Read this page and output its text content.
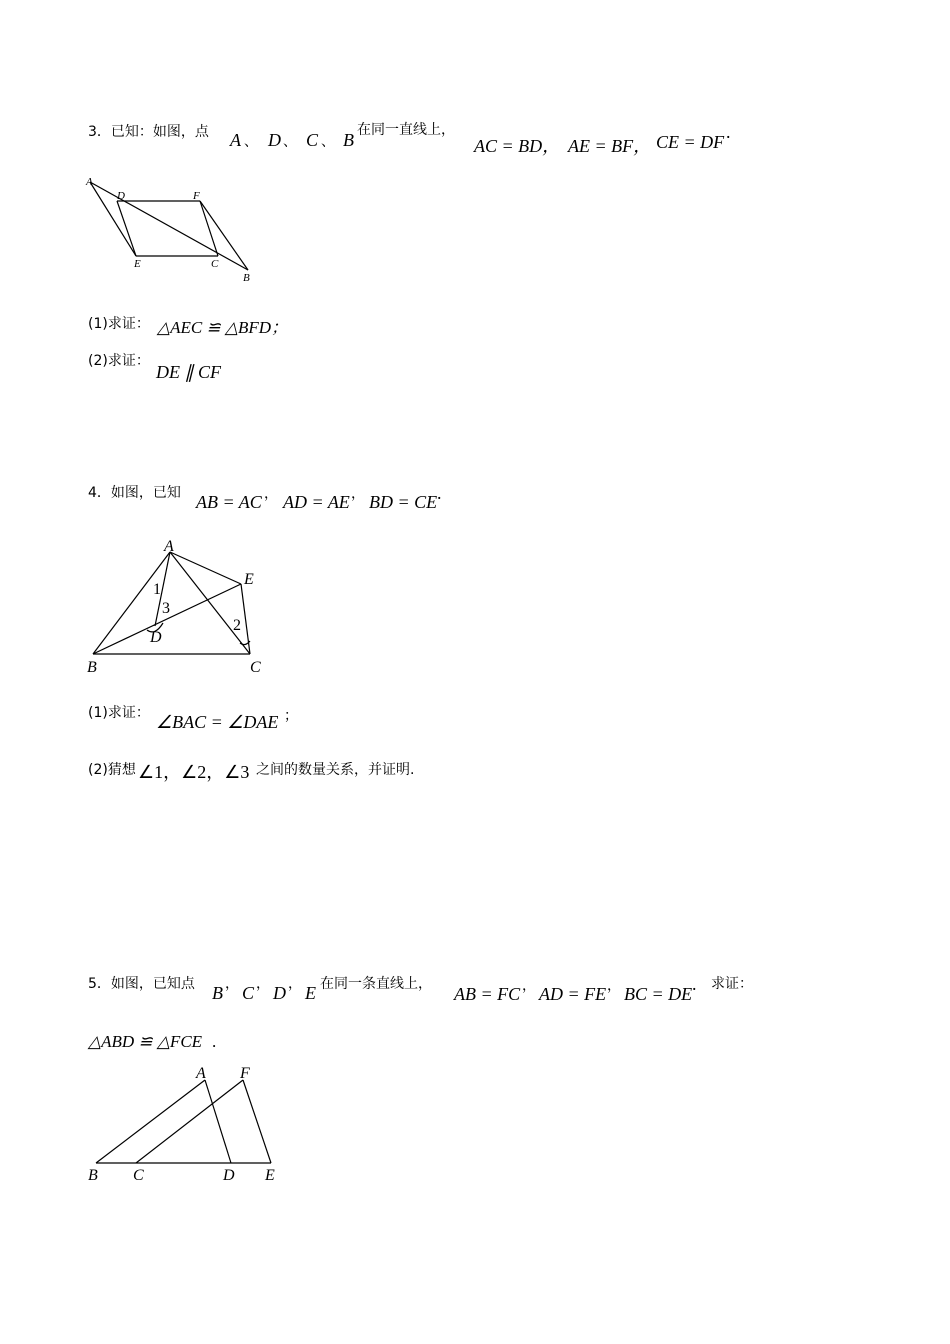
3．已知：如图，点 A 、 D 、 C 、 B 在同一直线上，
AC = BD， AE = BF， CE = DF .
A
D	F
E	C
B
(1)求证： △AEC ≌ △BFD；
(2)求证：
DE ∥ CF
4．如图，已知 AB = AC ， AD = AE ， BD = CE .
A
E
1
3
D
2
B	C
(1)求证： ∠BAC = ∠DAE ；
(2)猜想 ∠1，∠2，∠3 之间的数量关系，并证明.
5．如图，已知点 B ， C ， D ， E 在同一条直线上， AB = FC ， AD = FE ， BC = DE . 求证：
△ABD ≌ △FCE .
A F
B C	D E
